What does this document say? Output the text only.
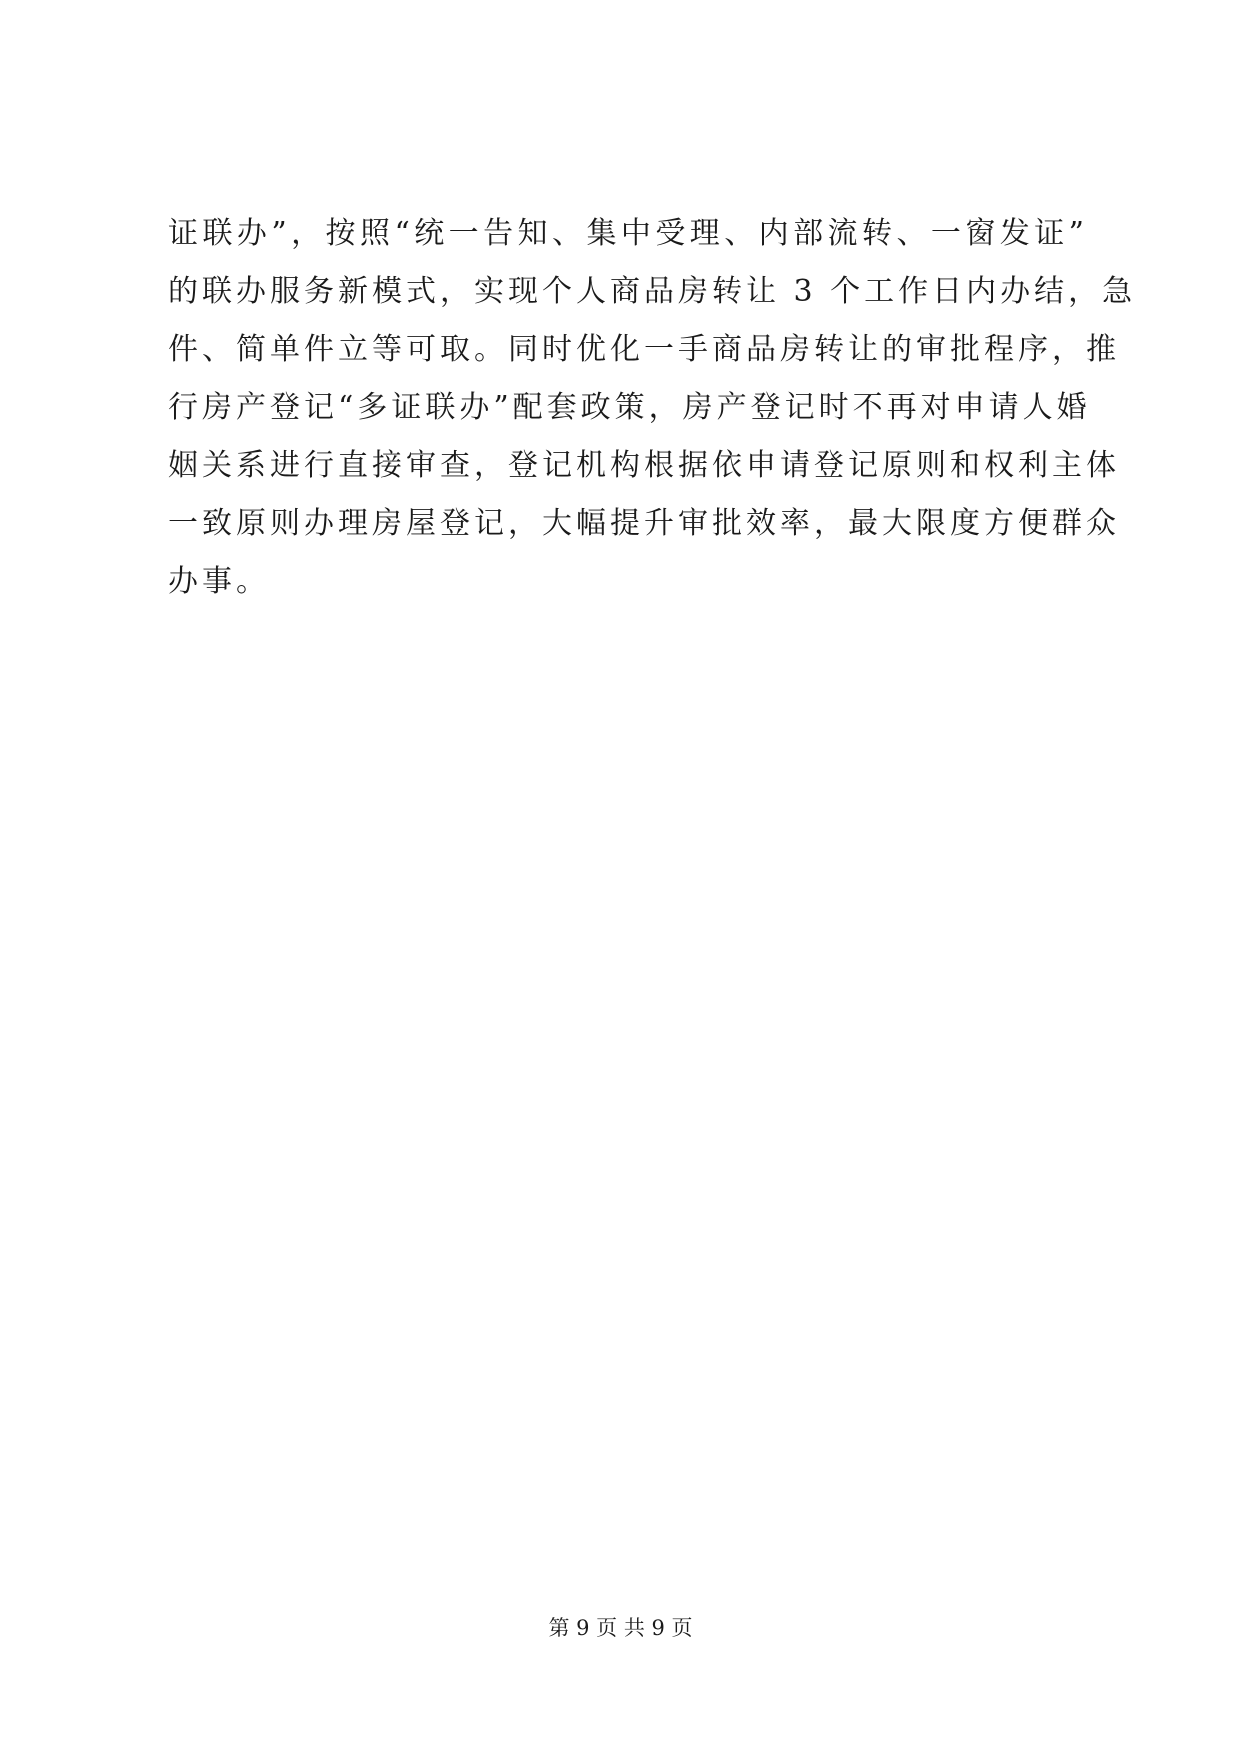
证联办”，按照“统一告知、集中受理、内部流转、一窗发证”
的联办服务新模式，实现个人商品房转让 3 个工作日内办结，急
件、简单件立等可取。同时优化一手商品房转让的审批程序，推
行房产登记“多证联办”配套政策，房产登记时不再对申请人婚
姻关系进行直接审查，登记机构根据依申请登记原则和权利主体
一致原则办理房屋登记，大幅提升审批效率，最大限度方便群众
办事。
第 9 页 共 9 页
